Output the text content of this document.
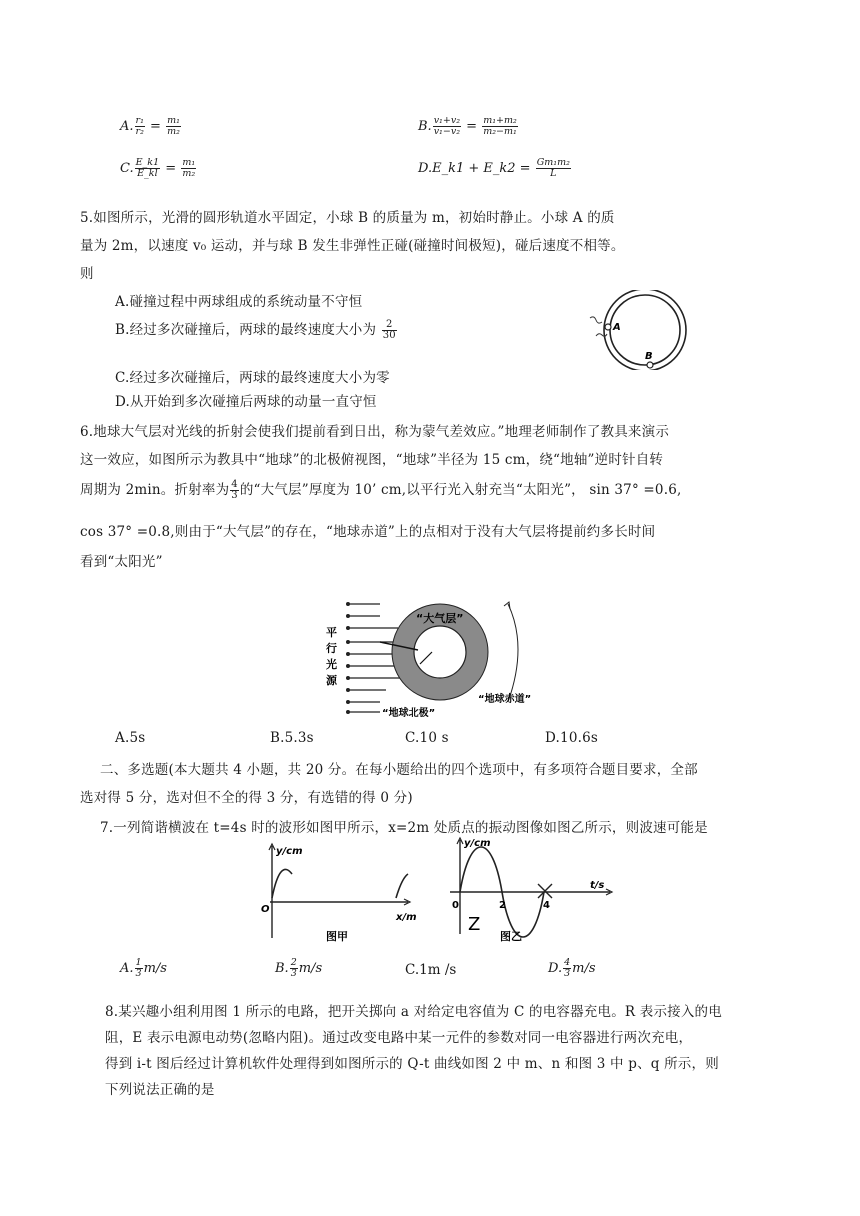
A. $\frac{\text{r₁}}{\text{r₂}} = \frac{\text{m₁}}{\text{m₂}}$	B. $\frac{\text{v₁+v₂}}{\text{v₁−v₂}} = \frac{\text{m₁+m₂}}{\text{m₂−m₁}}$
C. $\frac{E\_k1}{E\_kl} = \frac{\text{m₁}}{\text{m₂}}$	D.E_k1 + E_k2 = $\frac{\text{Gm₁m₂}}{L}$
5.如图所示，光滑的圆形轨道水平固定，小球 B 的质量为 m，初始时静止。小球 A 的质
量为 2m，以速度 v₀ 运动，并与球 B 发生非弹性正碰(碰撞时间极短)，碰后速度不相等。
则
A.碰撞过程中两球组成的系统动量不守恒
B.经过多次碰撞后，两球的最终速度大小为 $\frac{2}{30}$
C.经过多次碰撞后，两球的最终速度大小为零
D.从开始到多次碰撞后两球的动量一直守恒
A
B
6.地球大气层对光线的折射会使我们提前看到日出，称为蒙气差效应。”地理老师制作了教具来演示
这一效应，如图所示为教具中“地球”的北极俯视图，“地球”半径为 15 cm，绕“地轴”逆时针自转
周期为 2min。折射率为 $\frac{4}{3}$ 的“大气层”厚度为 10’ cm,以平行光入射充当“太阳光”， sin 37° =0.6,
cos 37° =0.8,则由于“大气层”的存在，“地球赤道”上的点相对于没有大气层将提前约多长时间
看到“太阳光”
“大气层”
平
行
光
源
“地球北极”
“地球赤道”
A.5s	B.5.3s	C.10 s	D.10.6s
二、多选题(本大题共 4 小题，共 20 分。在每小题给出的四个选项中，有多项符合题目要求，全部
选对得 5 分，选对但不全的得 3 分，有选错的得 0 分)
7.一列简谐横波在 t=4s 时的波形如图甲所示，x=2m 处质点的振动图像如图乙所示，则波速可能是
y/cm
x/m
O
图甲
y/cm
t/s
0	2	4
Z
图乙
A. $\frac{1}{3} m/s$	B. $\frac{2}{3} m/s$	C.1m /s	D. $\frac{4}{3} m/s$
8.某兴趣小组利用图 1 所示的电路，把开关掷向 a 对给定电容值为 C 的电容器充电。R 表示接入的电
阻，E 表示电源电动势(忽略内阻)。通过改变电路中某一元件的参数对同一电容器进行两次充电，
得到 i-t 图后经过计算机软件处理得到如图所示的 Q-t 曲线如图 2 中 m、n 和图 3 中 p、q 所示，则
下列说法正确的是
